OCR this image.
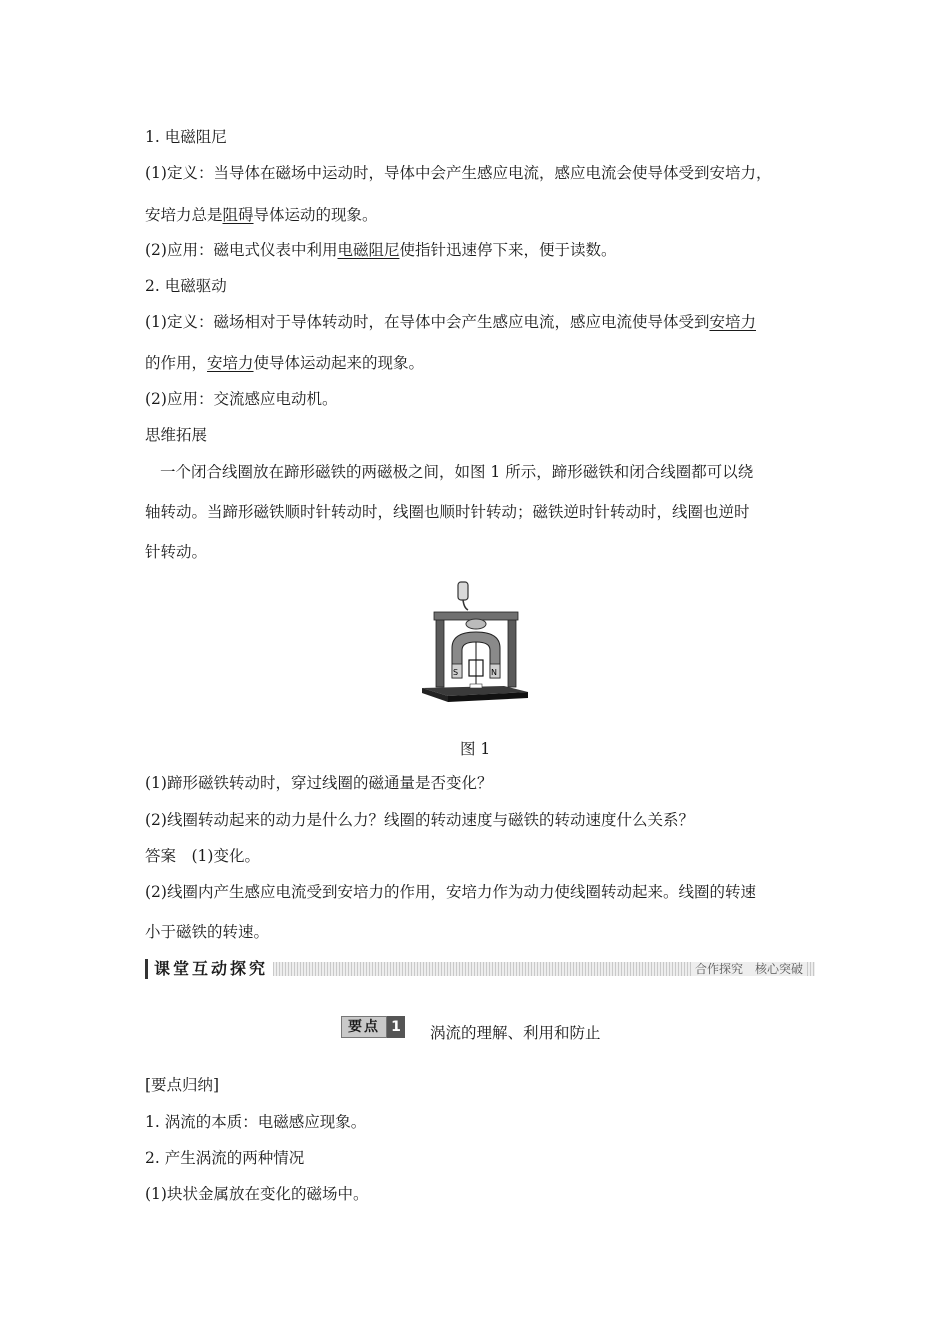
1. 电磁阻尼
(1)定义：当导体在磁场中运动时，导体中会产生感应电流，感应电流会使导体受到安培力，
安培力总是阻碍导体运动的现象。
(2)应用：磁电式仪表中利用电磁阻尼使指针迅速停下来，便于读数。
2. 电磁驱动
(1)定义：磁场相对于导体转动时，在导体中会产生感应电流，感应电流使导体受到安培力
的作用，安培力使导体运动起来的现象。
(2)应用：交流感应电动机。
思维拓展
一个闭合线圈放在蹄形磁铁的两磁极之间，如图 1 所示，蹄形磁铁和闭合线圈都可以绕
轴转动。当蹄形磁铁顺时针转动时，线圈也顺时针转动；磁铁逆时针转动时，线圈也逆时
针转动。
S	N
图 1
(1)蹄形磁铁转动时，穿过线圈的磁通量是否变化？
(2)线圈转动起来的动力是什么力？线圈的转动速度与磁铁的转动速度什么关系？
答案　(1)变化。
(2)线圈内产生感应电流受到安培力的作用，安培力作为动力使线圈转动起来。线圈的转速
小于磁铁的转速。
课堂互动探究	合作探究　核心突破
要点 1 涡流的理解、利用和防止
[要点归纳]
1. 涡流的本质：电磁感应现象。
2. 产生涡流的两种情况
(1)块状金属放在变化的磁场中。
